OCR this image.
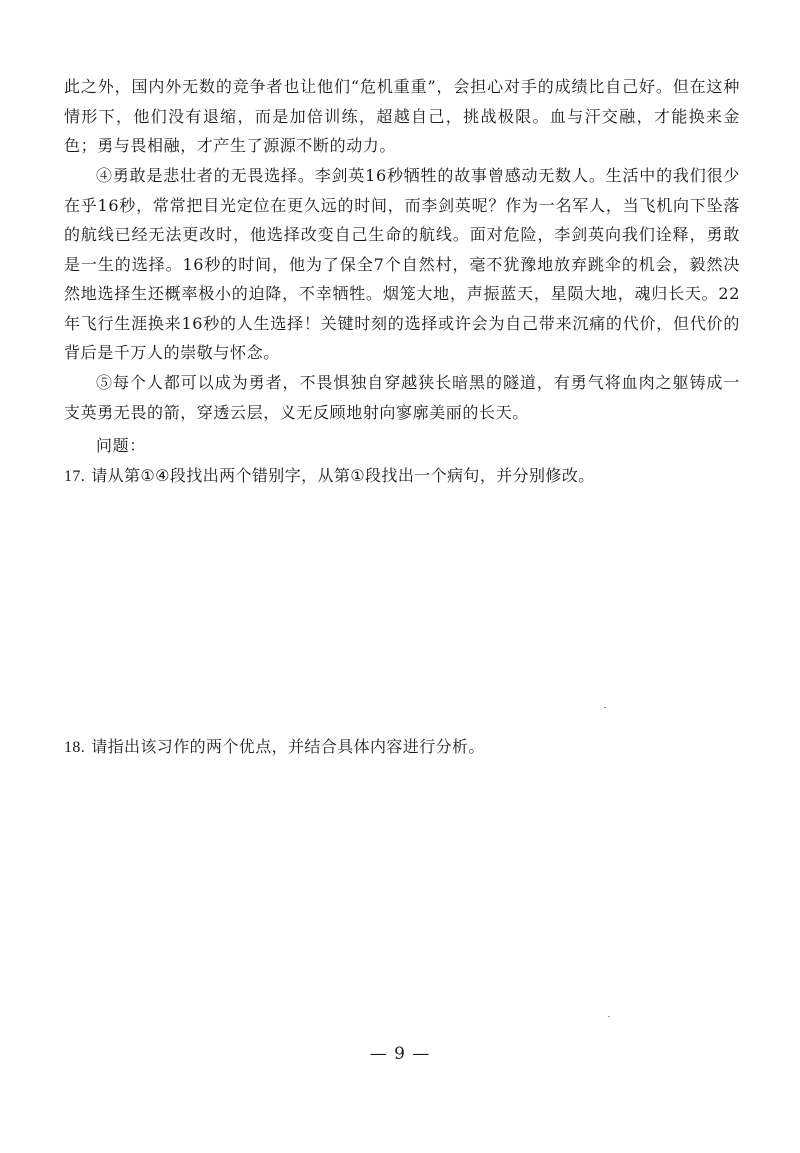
此之外，国内外无数的竞争者也让他们“危机重重”，会担心对手的成绩比自己好。但在这种情形下，他们没有退缩，而是加倍训练，超越自己，挑战极限。血与汗交融，才能换来金色；勇与畏相融，才产生了源源不断的动力。

④勇敢是悲壮者的无畏选择。李剑英16秒牺牲的故事曾感动无数人。生活中的我们很少在乎16秒，常常把目光定位在更久远的时间，而李剑英呢？作为一名军人，当飞机向下坠落的航线已经无法更改时，他选择改变自己生命的航线。面对危险，李剑英向我们诠释，勇敢是一生的选择。16秒的时间，他为了保全7个自然村，毫不犹豫地放弃跳伞的机会，毅然决然地选择生还概率极小的迫降，不幸牺牲。烟笼大地，声振蓝天，星陨大地，魂归长天。22年飞行生涯换来16秒的人生选择！关键时刻的选择或许会为自己带来沉痛的代价，但代价的背后是千万人的崇敬与怀念。

⑤每个人都可以成为勇者，不畏惧独自穿越狭长暗黑的隧道，有勇气将血肉之躯铸成一支英勇无畏的箭，穿透云层，义无反顾地射向寥廓美丽的长天。

问题：

17. 请从第①④段找出两个错别字，从第①段找出一个病句，并分别修改。

18. 请指出该习作的两个优点，并结合具体内容进行分析。

— 9 —
